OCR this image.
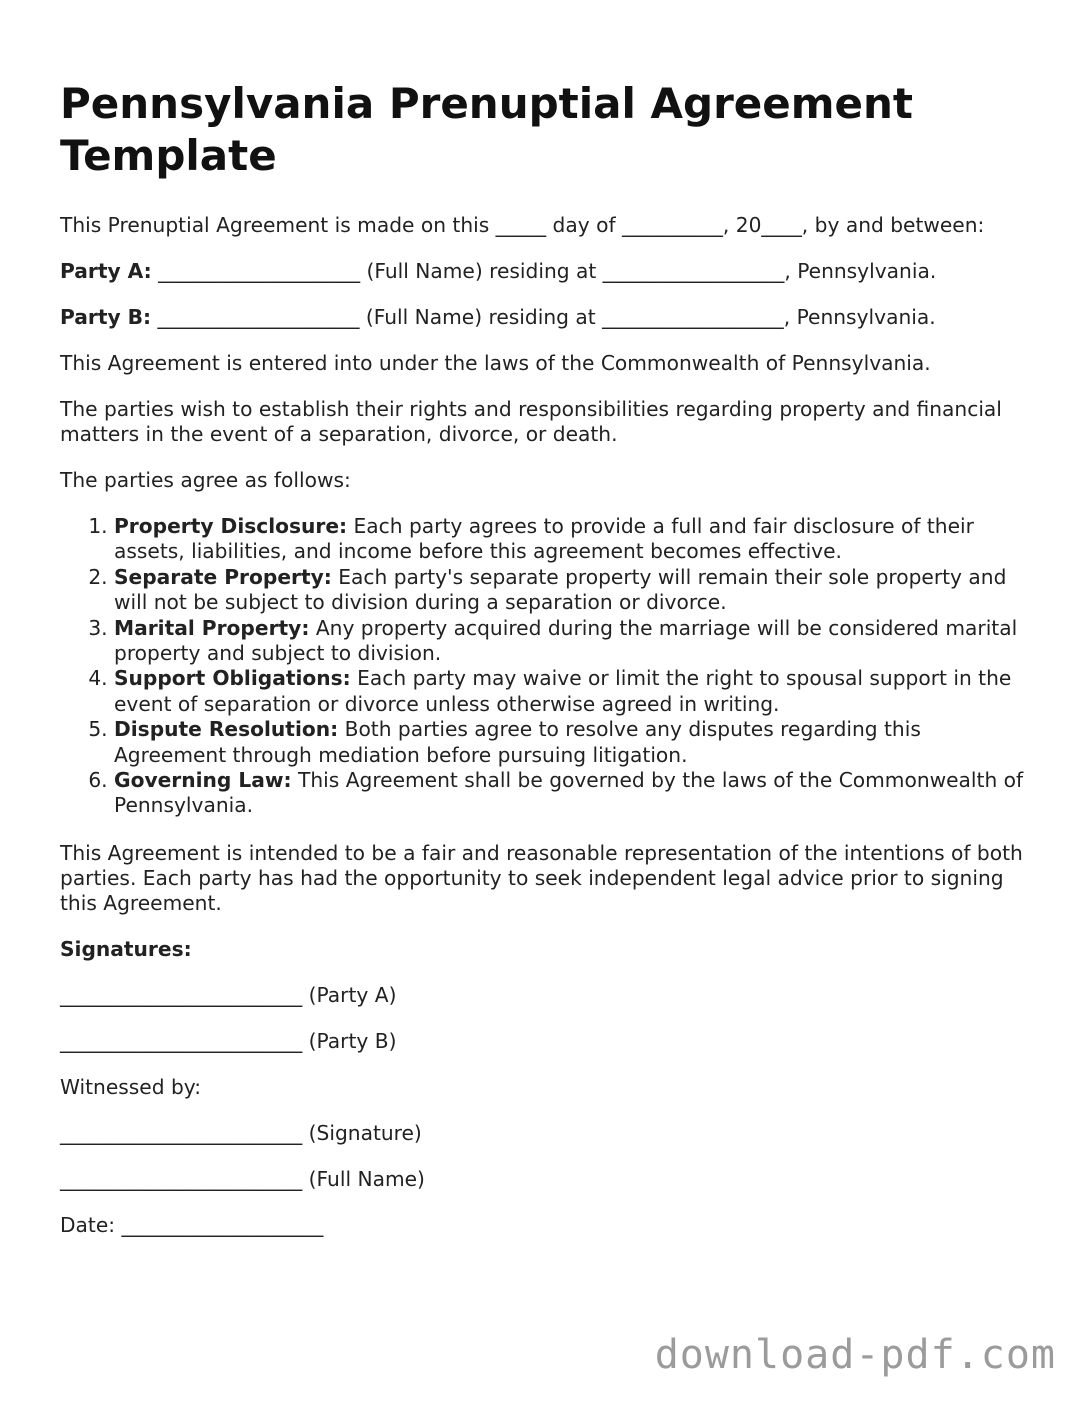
Pennsylvania Prenuptial Agreement Template

This Prenuptial Agreement is made on this _____ day of __________, 20____, by and between:

Party A: ____________________ (Full Name) residing at __________________, Pennsylvania.

Party B: ____________________ (Full Name) residing at __________________, Pennsylvania.

This Agreement is entered into under the laws of the Commonwealth of Pennsylvania.

The parties wish to establish their rights and responsibilities regarding property and financial matters in the event of a separation, divorce, or death.

The parties agree as follows:

1. Property Disclosure: Each party agrees to provide a full and fair disclosure of their assets, liabilities, and income before this agreement becomes effective.
2. Separate Property: Each party's separate property will remain their sole property and will not be subject to division during a separation or divorce.
3. Marital Property: Any property acquired during the marriage will be considered marital property and subject to division.
4. Support Obligations: Each party may waive or limit the right to spousal support in the event of separation or divorce unless otherwise agreed in writing.
5. Dispute Resolution: Both parties agree to resolve any disputes regarding this Agreement through mediation before pursuing litigation.
6. Governing Law: This Agreement shall be governed by the laws of the Commonwealth of Pennsylvania.

This Agreement is intended to be a fair and reasonable representation of the intentions of both parties. Each party has had the opportunity to seek independent legal advice prior to signing this Agreement.

Signatures:

________________________ (Party A)

________________________ (Party B)

Witnessed by:

________________________ (Signature)

________________________ (Full Name)

Date: ____________________

download-pdf.com
